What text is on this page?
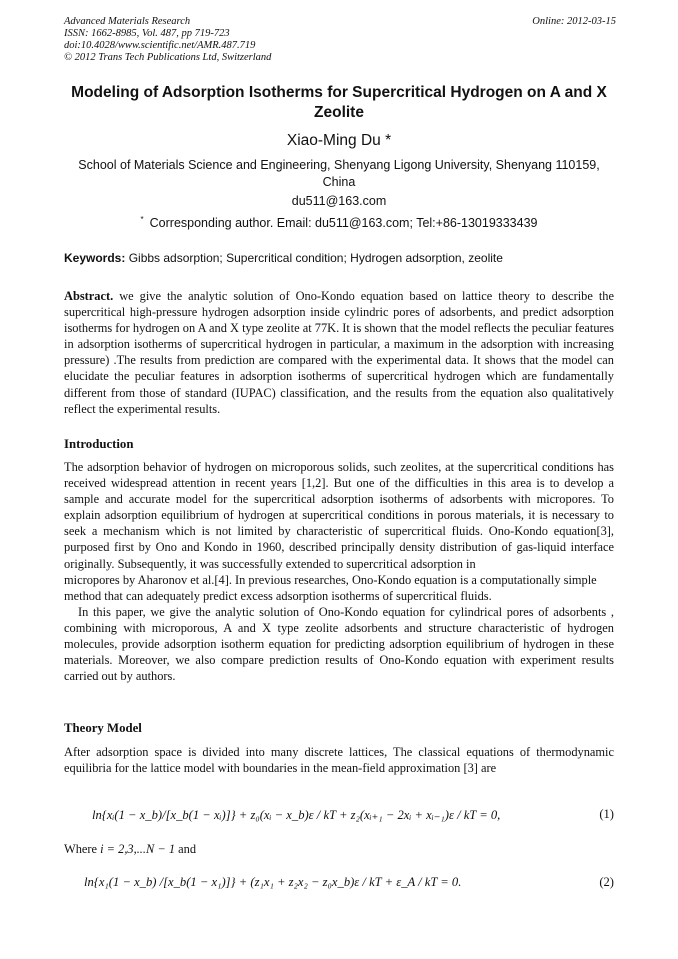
Advanced Materials Research
ISSN: 1662-8985, Vol. 487, pp 719-723
doi:10.4028/www.scientific.net/AMR.487.719
© 2012 Trans Tech Publications Ltd, Switzerland
Online: 2012-03-15
Modeling of Adsorption Isotherms for Supercritical Hydrogen on A and X Zeolite
Xiao-Ming Du *
School of Materials Science and Engineering, Shenyang Ligong University, Shenyang 110159, China
du511@163.com
* Corresponding author. Email: du511@163.com; Tel:+86-13019333439
Keywords: Gibbs adsorption; Supercritical condition; Hydrogen adsorption, zeolite

Abstract. we give the analytic solution of Ono-Kondo equation based on lattice theory to describe the supercritical high-pressure hydrogen adsorption inside cylindric pores of adsorbents, and predict adsorption isotherms for hydrogen on A and X type zeolite at 77K. It is shown that the model reflects the peculiar features in adsorption isotherms of supercritical hydrogen in particular, a maximum in the adsorption with increasing pressure) .The results from prediction are compared with the experimental data. It shows that the model can elucidate the peculiar features in adsorption isotherms of supercritical hydrogen which are fundamentally different from those of standard (IUPAC) classification, and the results from the equation also qualitatively reflect the experimental results.

Introduction

The adsorption behavior of hydrogen on microporous solids, such zeolites, at the supercritical conditions has received widespread attention in recent years [1,2]. But one of the difficulties in this area is to develop a sample and accurate model for the supercritical adsorption isotherms of adsorbents with micropores. To explain adsorption equilibrium of hydrogen at supercritical conditions in porous materials, it is necessary to seek a mechanism which is not limited by characteristic of supercritical fluids. Ono-Kondo equation[3], purposed first by Ono and Kondo in 1960, described principally density distribution of gas-liquid interface originally. Subsequently, it was successfully extended to supercritical adsorption in

micropores by Aharonov et al.[4]. In previous researches, Ono-Kondo equation is a computationally simple method that can adequately predict excess adsorption isotherms of supercritical fluids.

In this paper, we give the analytic solution of Ono-Kondo equation for cylindrical pores of adsorbents , combining with microporous, A and X type zeolite adsorbents and structure characteristic of hydrogen molecules, provide adsorption isotherm equation for predicting adsorption equilibrium of hydrogen in these materials. Moreover, we also compare prediction results of Ono-Kondo equation with experiment results carried out by authors.

Theory Model
After adsorption space is divided into many discrete lattices, The classical equations of thermodynamic equilibria for the lattice model with boundaries in the mean-field approximation [3] are
ln{xᵢ(1 − x_b)/[x_b(1 − xᵢ)]} + z₀(xᵢ − x_b)ε / kT + z₂(xᵢ₊₁ − 2xᵢ + xᵢ₋₁)ε / kT = 0,	(1)
Where i = 2,3,...N − 1 and
ln{x₁(1 − x_b) /[x_b(1 − x₁)]} + (z₁x₁ + z₂x₂ − z₀x_b)ε / kT + ε_A / kT = 0.	(2)
